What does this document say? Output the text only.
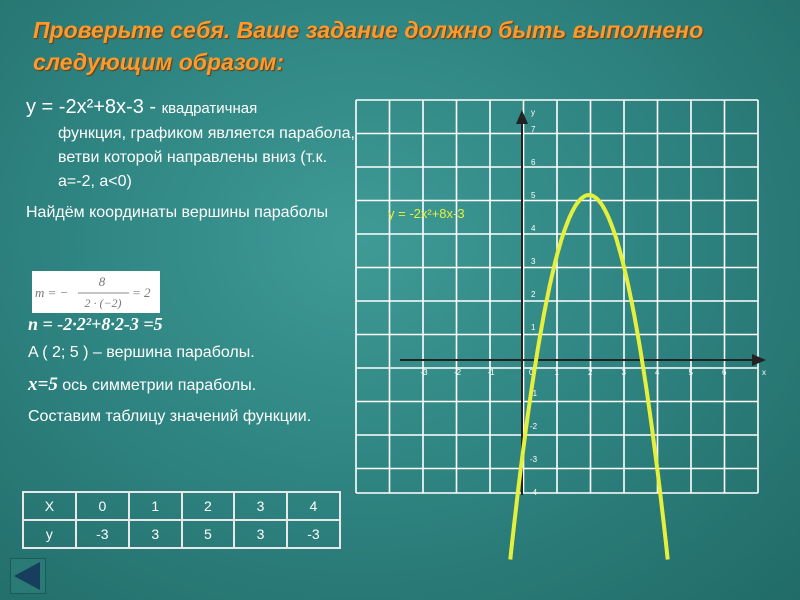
Проверьте себя. Ваше задание должно быть выполнено следующим образом:
y = -2x²+8x-3 - квадратичная
функция, графиком является парабола, ветви которой направлены вниз (т.к. a=-2, a<0)
Найдём координаты вершины параболы
m = −
8
2 · (−2)
= 2
n = -2·2²+8·2-3 =5
A ( 2; 5 ) – вершина параболы.
x=5 ось симметрии параболы.
Составим таблицу значений функции.
X	0	1	2	3	4
y	-3	3	5	3	-3
-3	-2	-1	0	1	2	3	4	5	6	x
1
2
3
4
5
6
7
-1
-2
-3
-4
y
y = -2x²+8x-3
